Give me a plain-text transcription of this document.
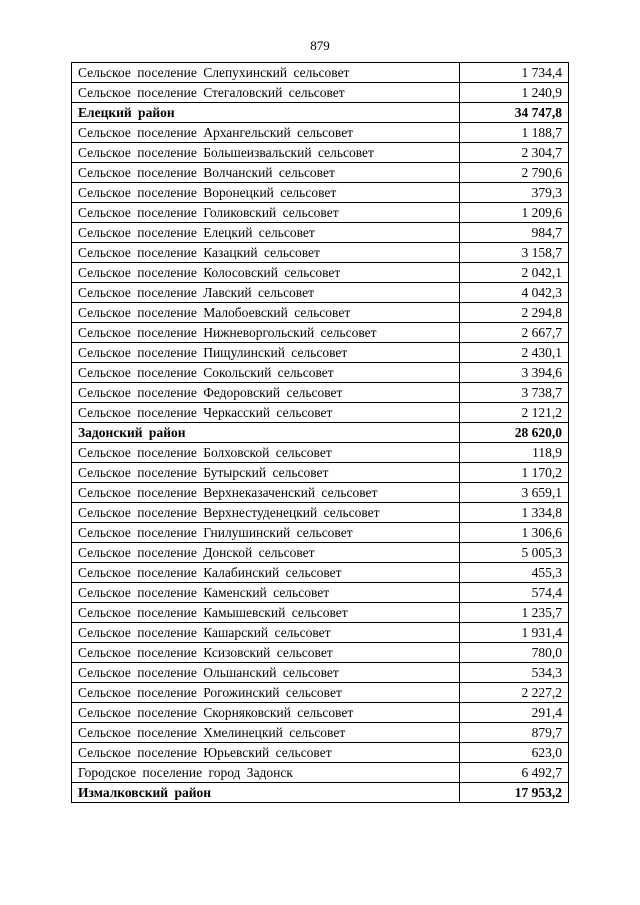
879
Сельское поселение Слепухинский сельсовет	1 734,4
Сельское поселение Стегаловский сельсовет	1 240,9
Елецкий район	34 747,8
Сельское поселение Архангельский сельсовет	1 188,7
Сельское поселение Большеизвальский сельсовет	2 304,7
Сельское поселение Волчанский сельсовет	2 790,6
Сельское поселение Воронецкий сельсовет	379,3
Сельское поселение Голиковский сельсовет	1 209,6
Сельское поселение Елецкий сельсовет	984,7
Сельское поселение Казацкий сельсовет	3 158,7
Сельское поселение Колосовский сельсовет	2 042,1
Сельское поселение Лавский сельсовет	4 042,3
Сельское поселение Малобоевский сельсовет	2 294,8
Сельское поселение Нижневоргольский сельсовет	2 667,7
Сельское поселение Пищулинский сельсовет	2 430,1
Сельское поселение Сокольский сельсовет	3 394,6
Сельское поселение Федоровский сельсовет	3 738,7
Сельское поселение Черкасский сельсовет	2 121,2
Задонский район	28 620,0
Сельское поселение Болховской сельсовет	118,9
Сельское поселение Бутырский сельсовет	1 170,2
Сельское поселение Верхнеказаченский сельсовет	3 659,1
Сельское поселение Верхнестуденецкий сельсовет	1 334,8
Сельское поселение Гнилушинский сельсовет	1 306,6
Сельское поселение Донской сельсовет	5 005,3
Сельское поселение Калабинский сельсовет	455,3
Сельское поселение Каменский сельсовет	574,4
Сельское поселение Камышевский сельсовет	1 235,7
Сельское поселение Кашарский сельсовет	1 931,4
Сельское поселение Ксизовский сельсовет	780,0
Сельское поселение Ольшанский сельсовет	534,3
Сельское поселение Рогожинский сельсовет	2 227,2
Сельское поселение Скорняковский сельсовет	291,4
Сельское поселение Хмелинецкий сельсовет	879,7
Сельское поселение Юрьевский сельсовет	623,0
Городское поселение город Задонск	6 492,7
Измалковский район	17 953,2
